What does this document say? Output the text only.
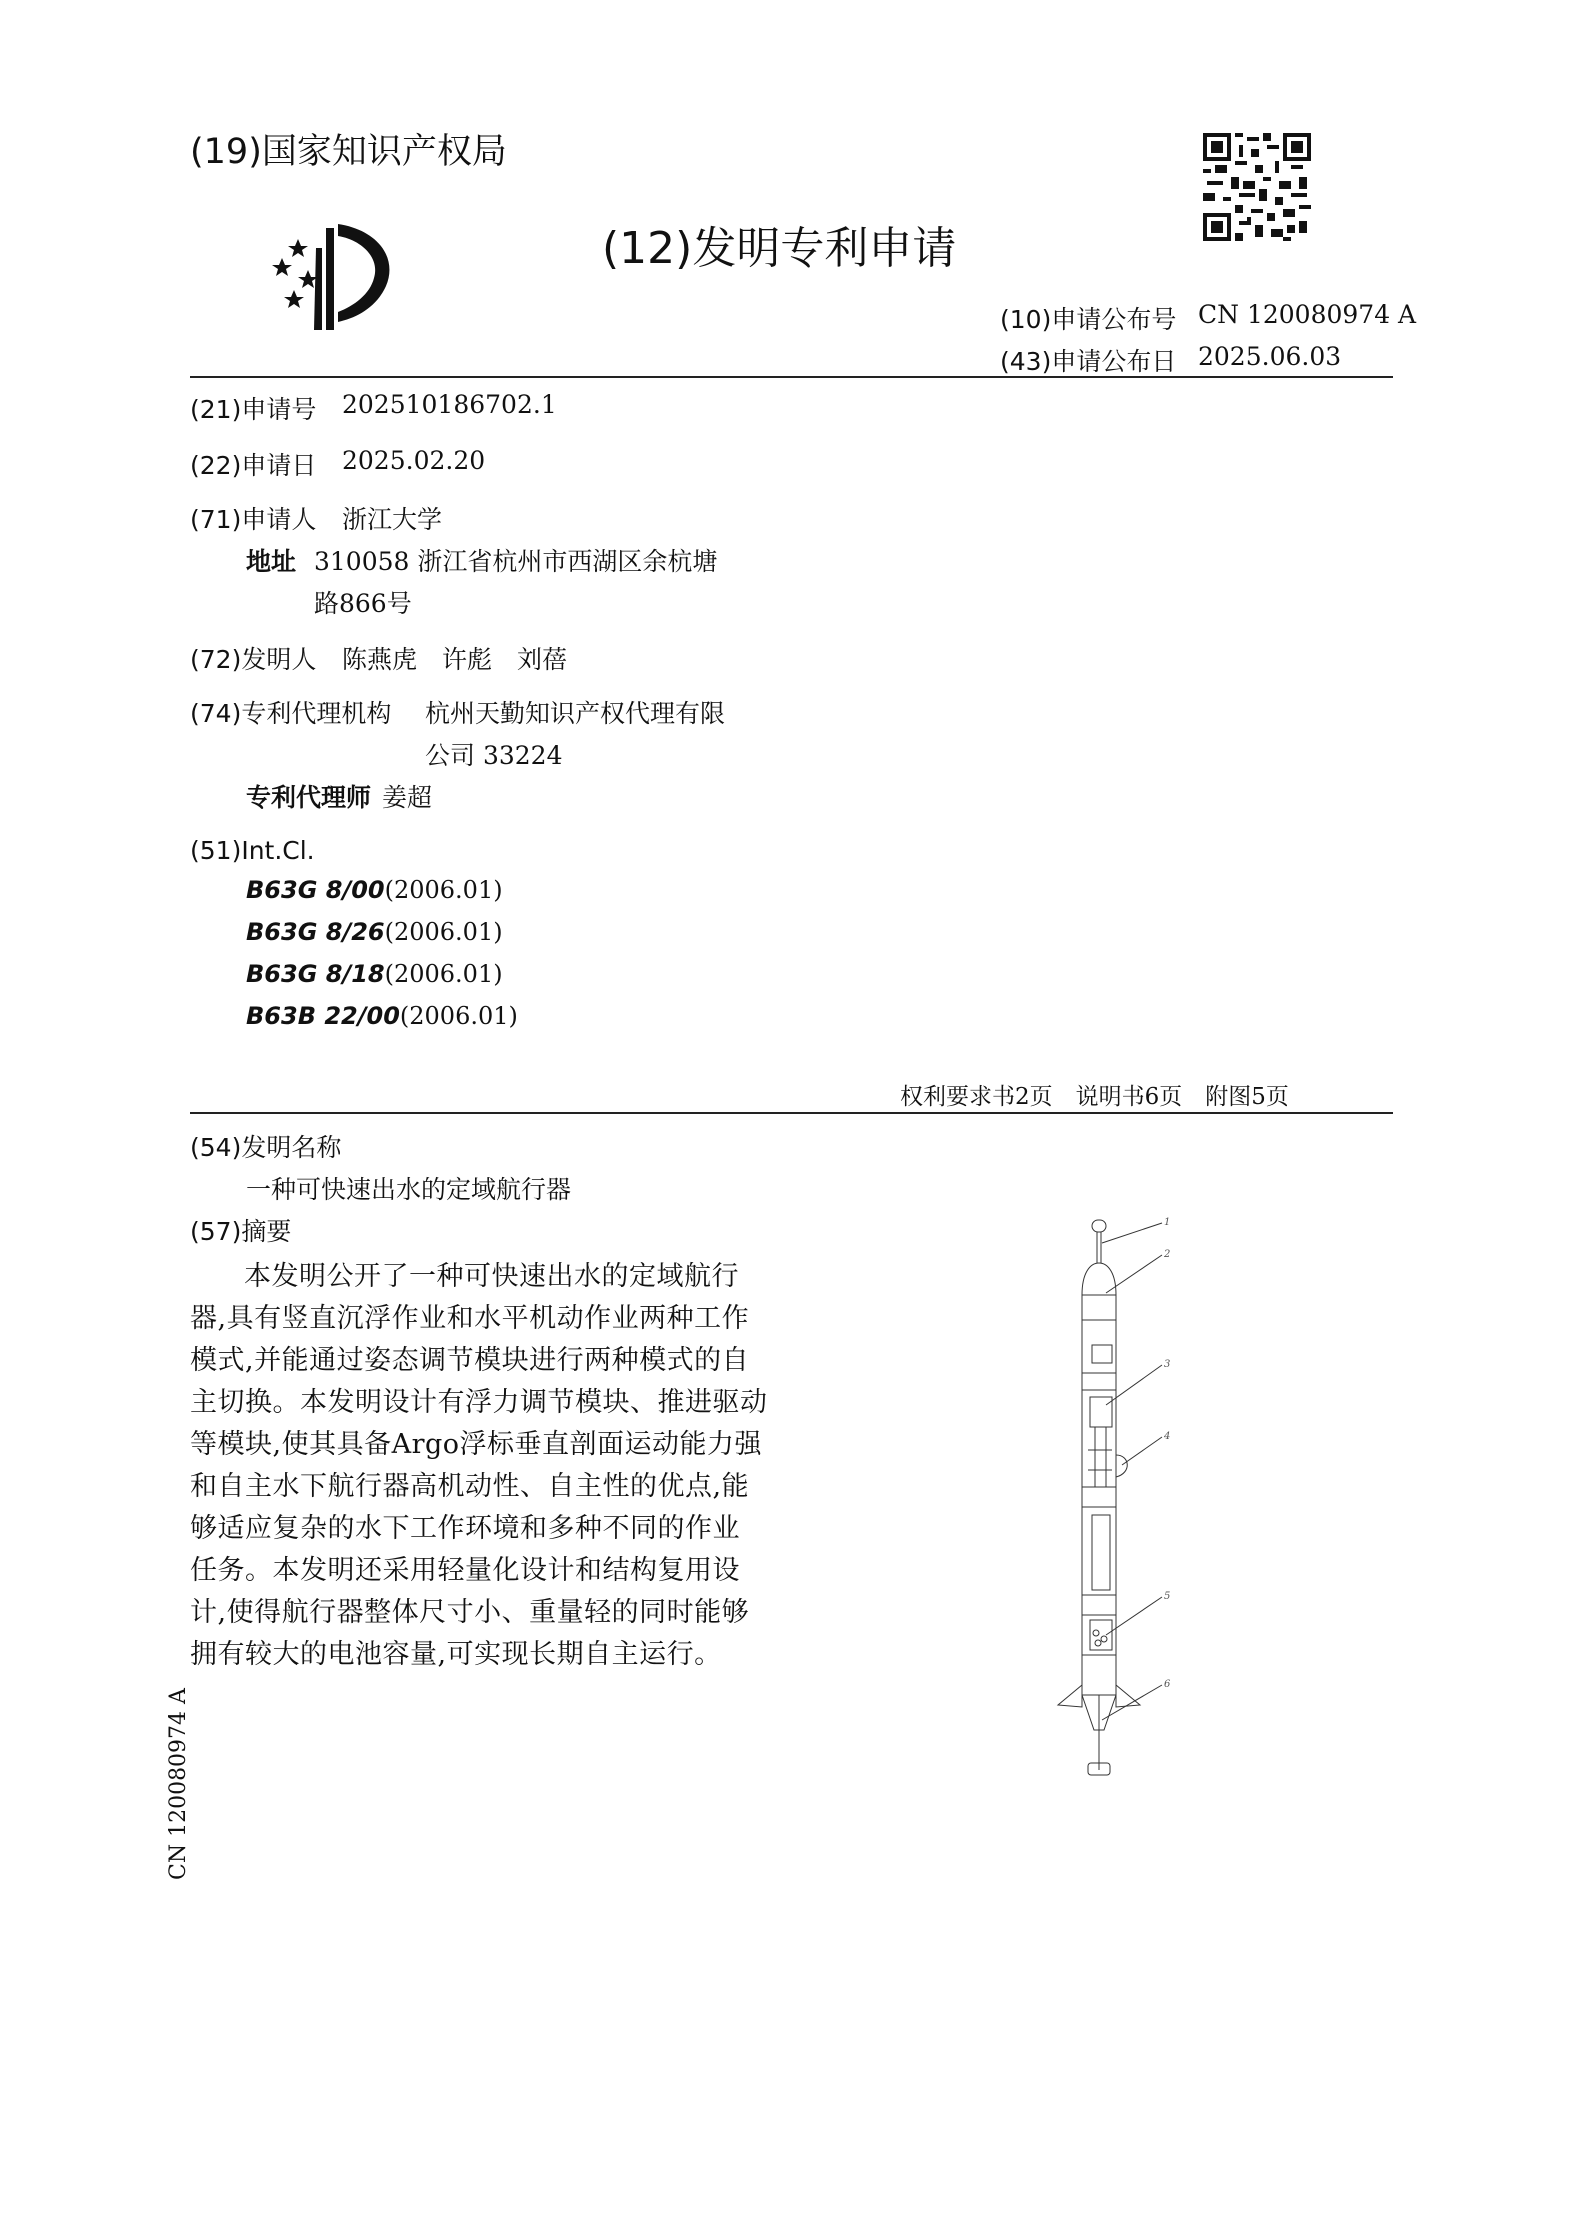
(19)国家知识产权局
(12)发明专利申请
(10)申请公布号 CN 120080974 A
(43)申请公布日 2025.06.03
(21)申请号 202510186702.1
(22)申请日 2025.02.20
(71)申请人 浙江大学
地址 310058 浙江省杭州市西湖区余杭塘
路866号
(72)发明人 陈燕虎　许彪　刘蓓
(74)专利代理机构 杭州天勤知识产权代理有限
公司 33224
专利代理师 姜超
(51)Int.Cl.
B63G 8/00(2006.01)
B63G 8/26(2006.01)
B63G 8/18(2006.01)
B63B 22/00(2006.01)
权利要求书2页　说明书6页　附图5页
(54)发明名称
一种可快速出水的定域航行器
(57)摘要
本发明公开了一种可快速出水的定域航行
器,具有竖直沉浮作业和水平机动作业两种工作
模式,并能通过姿态调节模块进行两种模式的自
主切换。本发明设计有浮力调节模块、推进驱动
等模块,使其具备Argo浮标垂直剖面运动能力强
和自主水下航行器高机动性、自主性的优点,能
够适应复杂的水下工作环境和多种不同的作业
任务。本发明还采用轻量化设计和结构复用设
计,使得航行器整体尺寸小、重量轻的同时能够
拥有较大的电池容量,可实现长期自主运行。
1
2
3
4
5
6
CN 120080974 A
